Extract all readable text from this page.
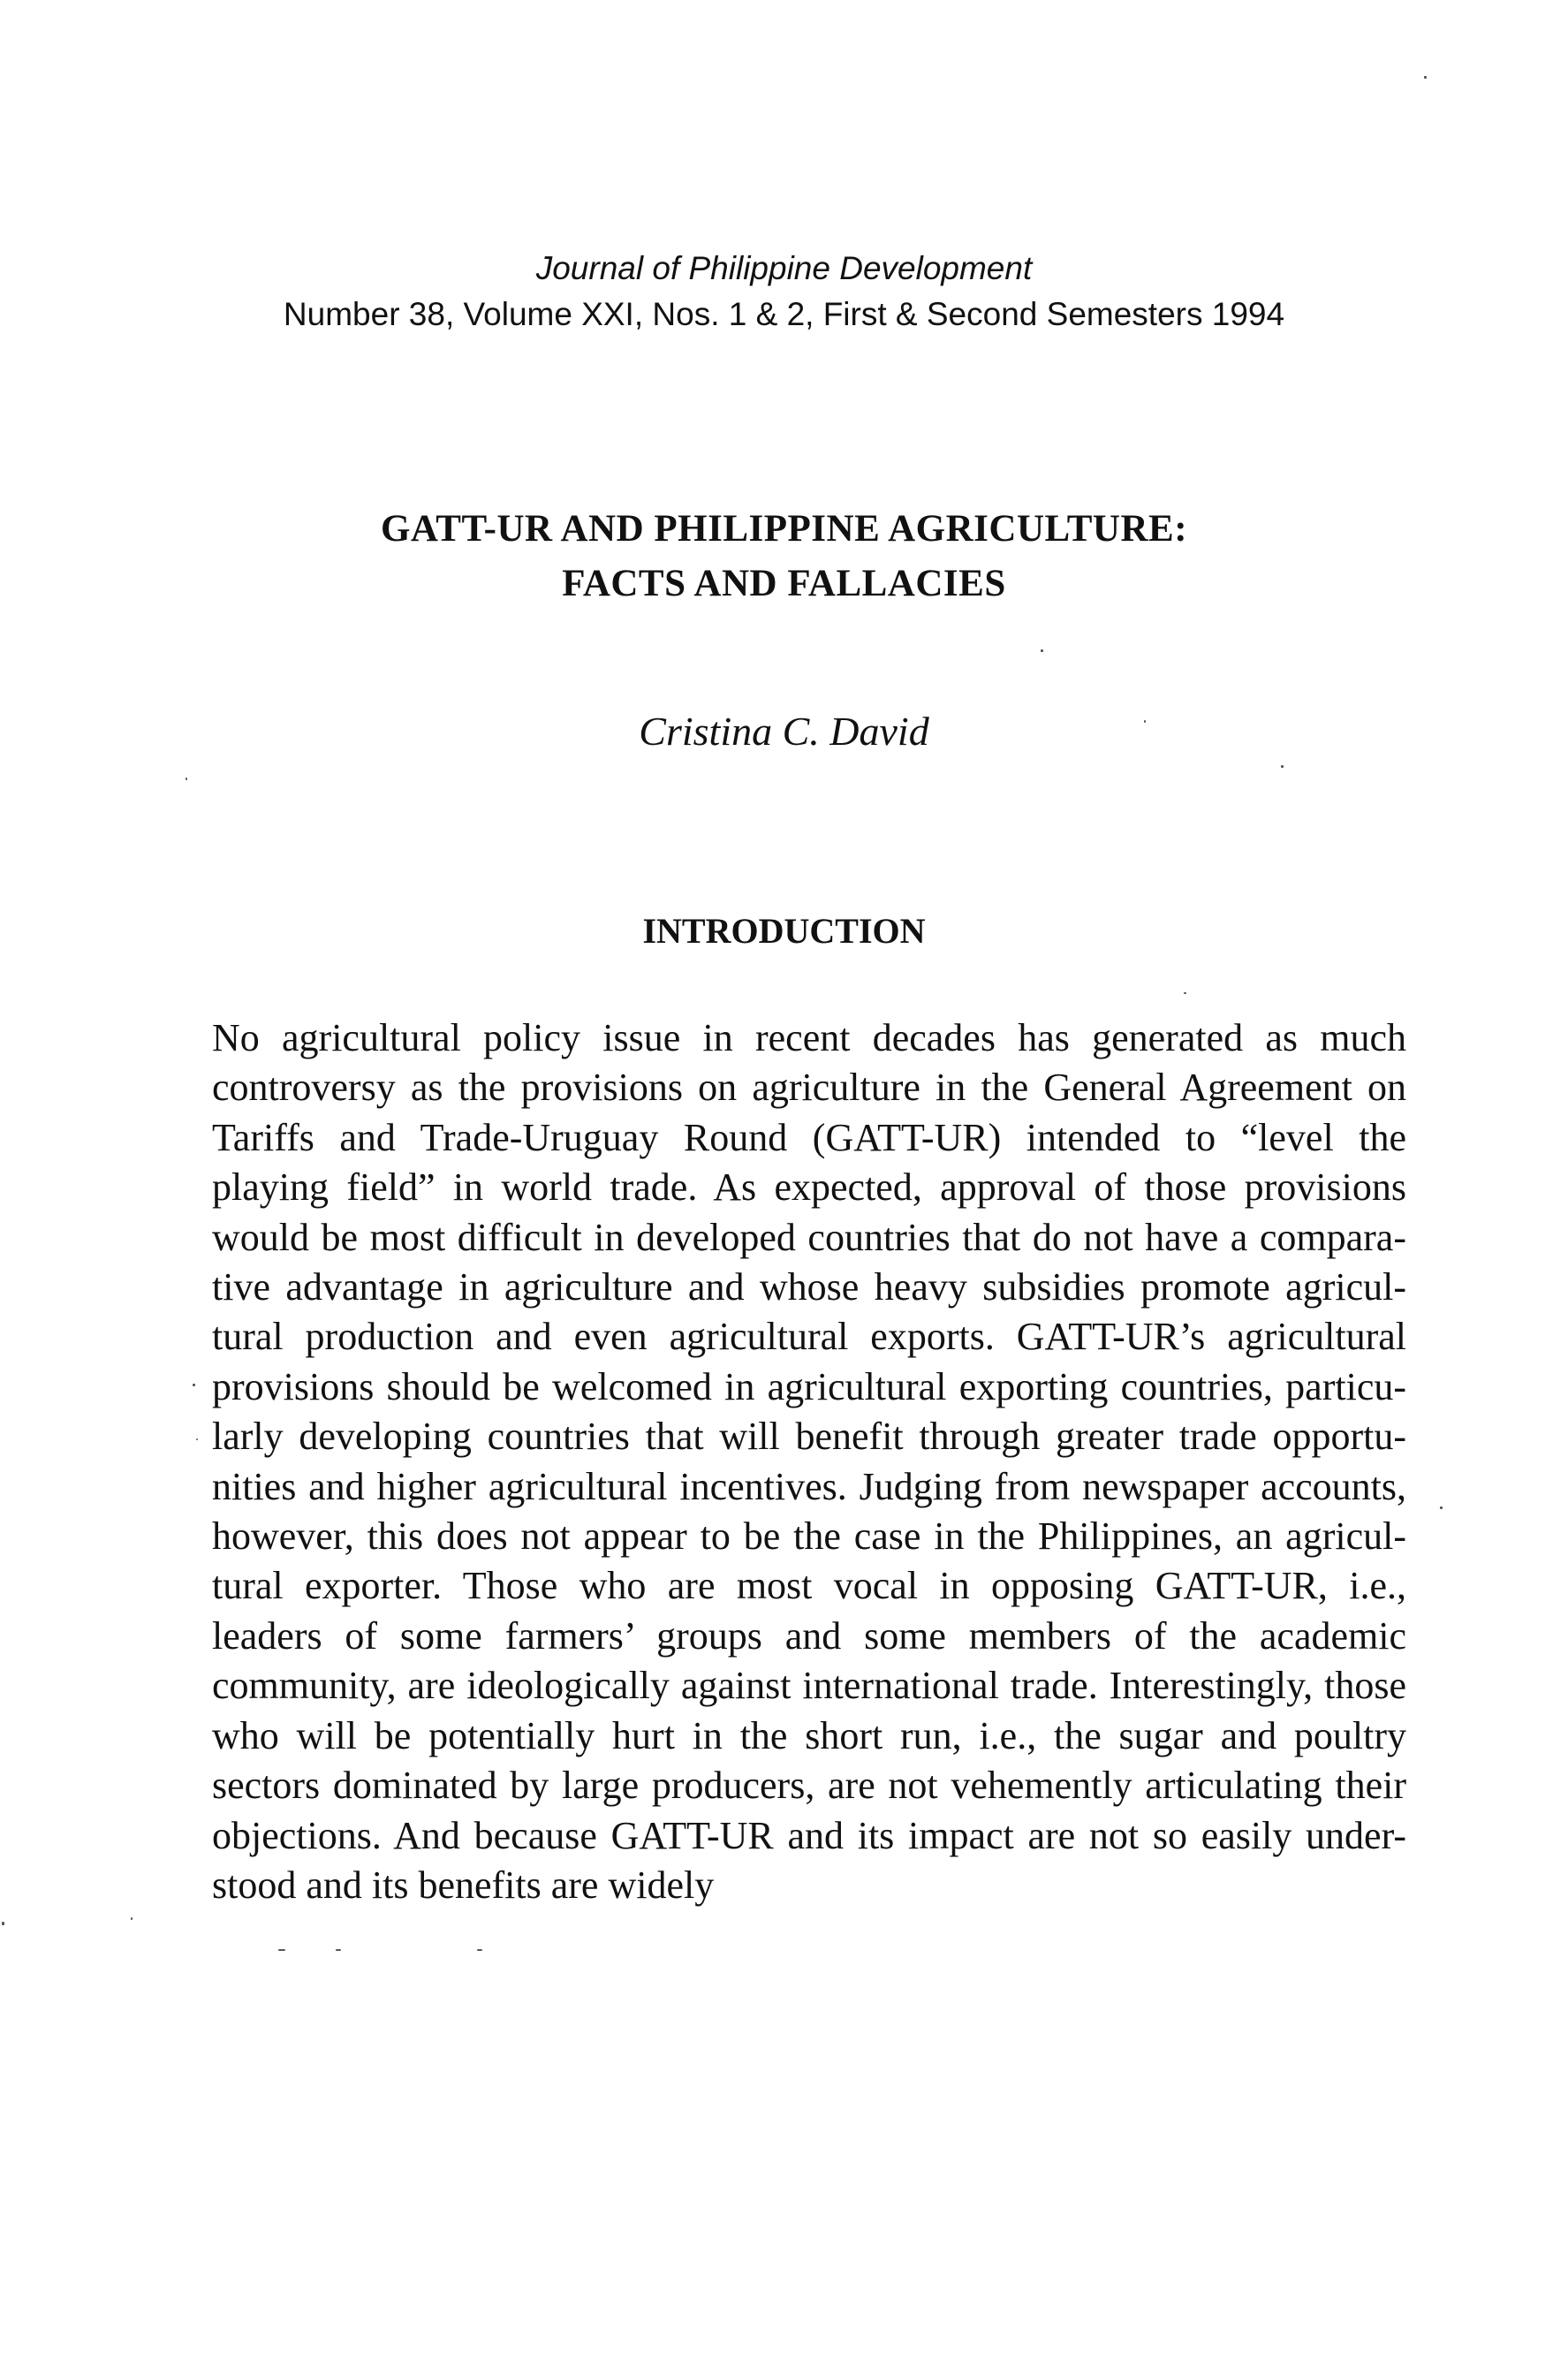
Journal of Philippine Development
Number 38, Volume XXI, Nos. 1 & 2, First & Second Semesters 1994
GATT-UR AND PHILIPPINE AGRICULTURE:
FACTS AND FALLACIES
Cristina C. David
INTRODUCTION

No agricultural policy issue in recent decades has generated as much controversy as the provisions on agriculture in the General Agreement on Tariffs and Trade-Uruguay Round (GATT-UR) intended to “level the playing field” in world trade. As expected, approval of those provisions would be most difficult in developed countries that do not have a compara- tive advantage in agriculture and whose heavy subsidies promote agricul- tural production and even agricultural exports. GATT-UR’s agricultural provisions should be welcomed in agricultural exporting countries, particu- larly developing countries that will benefit through greater trade opportu- nities and higher agricultural incentives. Judging from newspaper accounts, however, this does not appear to be the case in the Philippines, an agricul- tural exporter. Those who are most vocal in opposing GATT-UR, i.e., leaders of some farmers’ groups and some members of the academic community, are ideologically against international trade. Interestingly, those who will be potentially hurt in the short run, i.e., the sugar and poultry sectors dominated by large producers, are not vehemently articulating their objections. And because GATT-UR and its impact are not so easily under- stood and its benefits are widely
